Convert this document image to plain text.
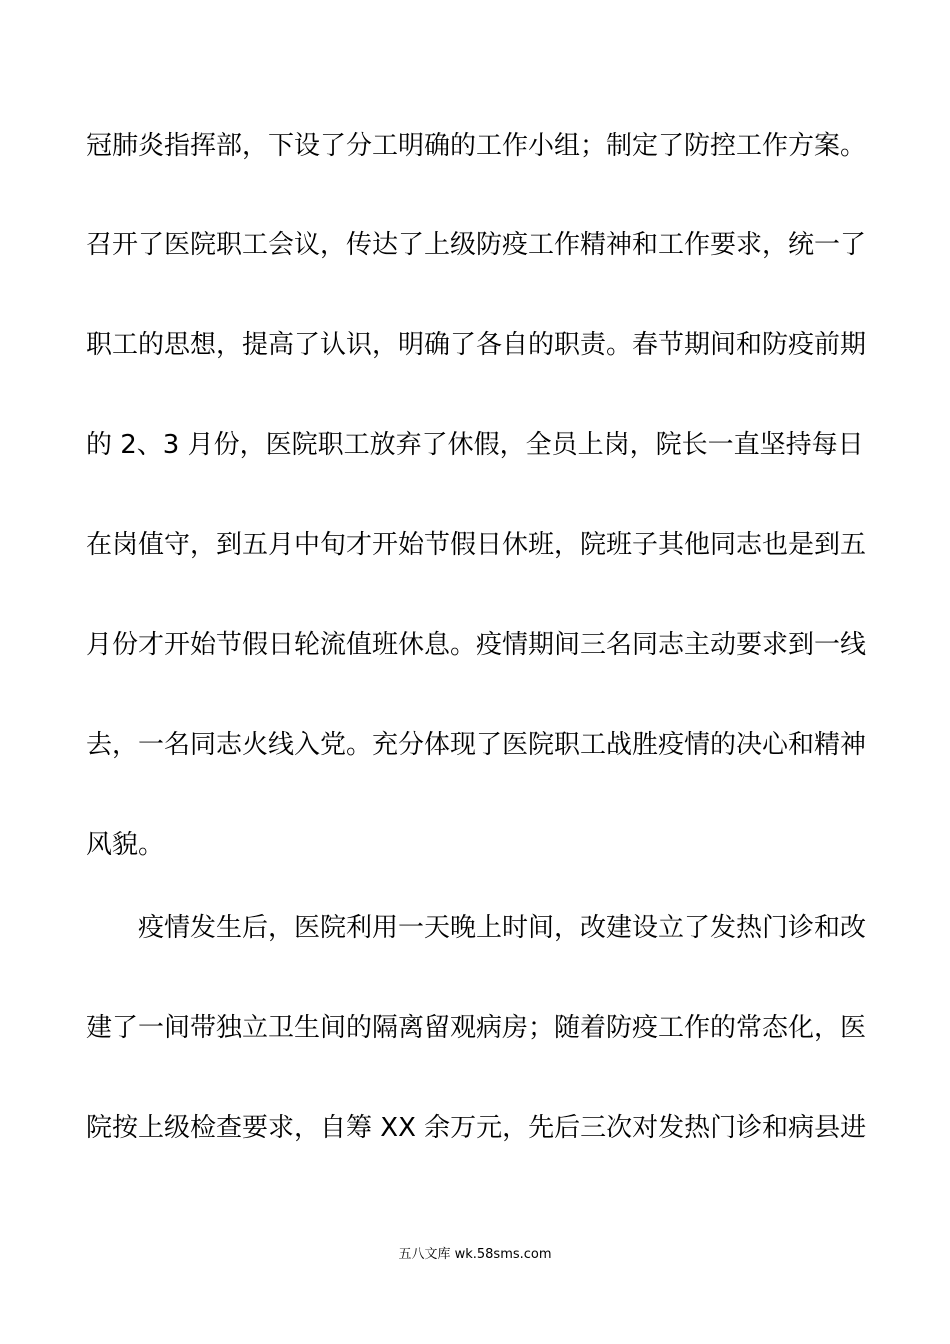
冠肺炎指挥部，下设了分工明确的工作小组；制定了防控工作方案。
召开了医院职工会议，传达了上级防疫工作精神和工作要求，统一了
职工的思想，提高了认识，明确了各自的职责。春节期间和防疫前期
的 2、3 月份，医院职工放弃了休假，全员上岗，院长一直坚持每日
在岗值守，到五月中旬才开始节假日休班，院班子其他同志也是到五
月份才开始节假日轮流值班休息。疫情期间三名同志主动要求到一线
去，一名同志火线入党。充分体现了医院职工战胜疫情的决心和精神
风貌。
疫情发生后，医院利用一天晚上时间，改建设立了发热门诊和改
建了一间带独立卫生间的隔离留观病房；随着防疫工作的常态化，医
院按上级检查要求，自筹 XX 余万元，先后三次对发热门诊和病县进
五八文库 wk.58sms.com
